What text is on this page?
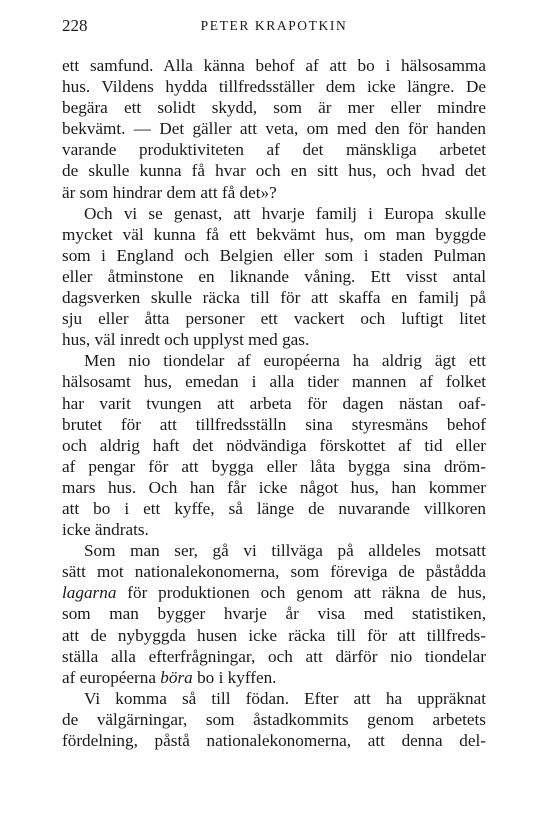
228	PETER KRAPOTKIN
ett samfund. Alla känna behof af att bo i hälsosamma
hus. Vildens hydda tillfredsställer dem icke längre. De
begära ett solidt skydd, som är mer eller mindre
bekvämt. — Det gäller att veta, om med den för handen
varande produktiviteten af det mänskliga arbetet
de skulle kunna få hvar och en sitt hus, och hvad det
är som hindrar dem att få det»?
Och vi se genast, att hvarje familj i Europa skulle
mycket väl kunna få ett bekvämt hus, om man byggde
som i England och Belgien eller som i staden Pulman
eller åtminstone en liknande våning. Ett visst antal
dagsverken skulle räcka till för att skaffa en familj på
sju eller åtta personer ett vackert och luftigt litet
hus, väl inredt och upplyst med gas.
Men nio tiondelar af européerna ha aldrig ägt ett
hälsosamt hus, emedan i alla tider mannen af folket
har varit tvungen att arbeta för dagen nästan oaf-
brutet för att tillfredsställn sina styresmäns behof
och aldrig haft det nödvändiga förskottet af tid eller
af pengar för att bygga eller låta bygga sina dröm-
mars hus. Och han får icke något hus, han kommer
att bo i ett kyffe, så länge de nuvarande villkoren
icke ändrats.
Som man ser, gå vi tillväga på alldeles motsatt
sätt mot nationalekonomerna, som föreviga de påstådda
lagarna för produktionen och genom att räkna de hus,
som man bygger hvarje år visa med statistiken,
att de nybyggda husen icke räcka till för att tillfreds-
ställa alla efterfrågningar, och att därför nio tiondelar
af européerna böra bo i kyffen.
Vi komma så till födan. Efter att ha uppräknat
de välgärningar, som åstadkommits genom arbetets
fördelning, påstå nationalekonomerna, att denna del-
